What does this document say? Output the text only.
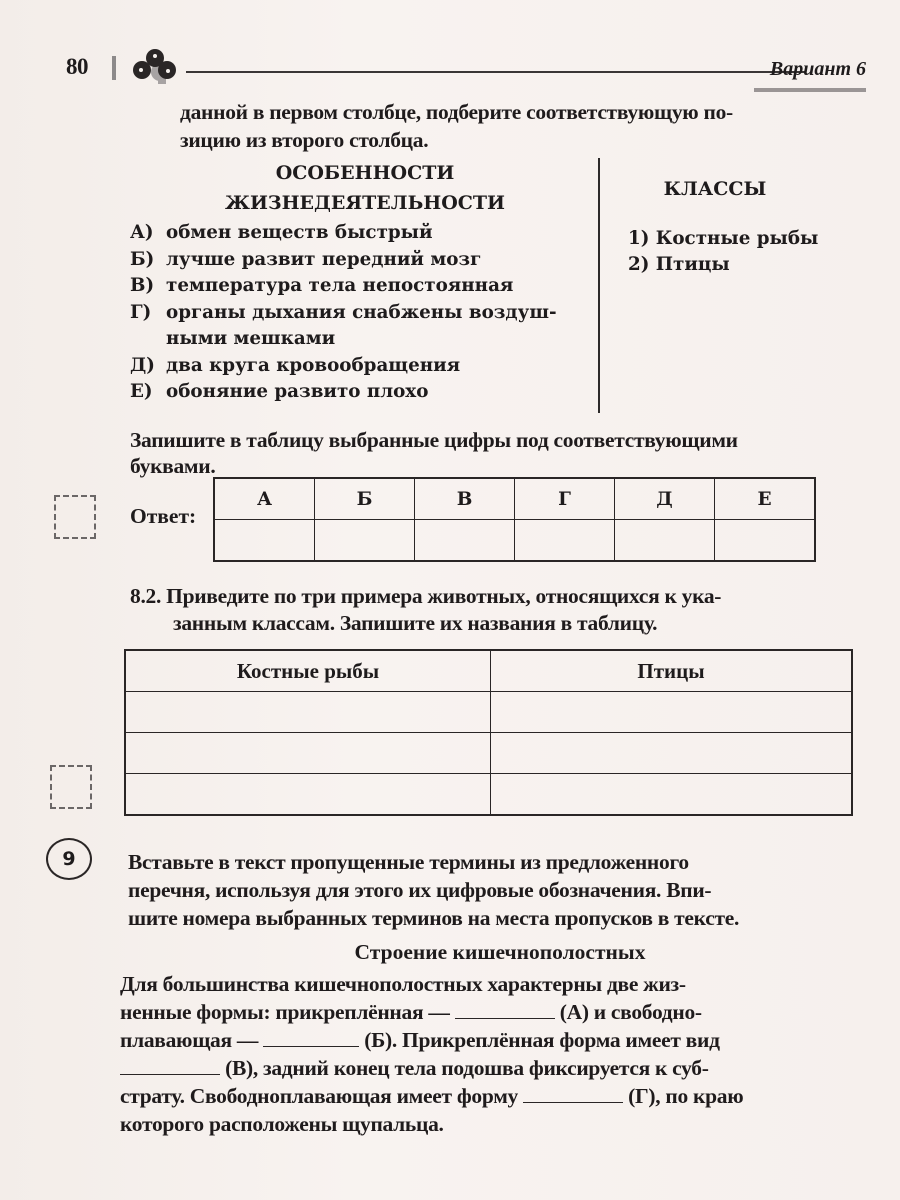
80	Вариант 6
данной в первом столбце, подберите соответствующую по-
зицию из второго столбца.
ОСОБЕННОСТИ
ЖИЗНЕДЕЯТЕЛЬНОСТИ
КЛАССЫ
А) обмен веществ быстрый
Б) лучше развит передний мозг
В) температура тела непостоянная
Г) органы дыхания снабжены воздуш-ными мешками
Д) два круга кровообращения
Е) обоняние развито плохо
1) Костные рыбы
2) Птицы
Запишите в таблицу выбранные цифры под соответствующими
буквами.
Ответ:
А	Б	В	Г	Д	Е

8.2. Приведите по три примера животных, относящихся к ука-
занным классам. Запишите их названия в таблицу.
Костные рыбы	Птицы

9	Вставьте в текст пропущенные термины из предложенного
перечня, используя для этого их цифровые обозначения. Впи-
шите номера выбранных терминов на места пропусков в тексте.
Строение кишечнополостных
Для большинства кишечнополостных характерны две жиз-
ненные формы: прикреплённая —	(А) и свободно-
плавающая —	(Б). Прикреплённая форма имеет вид
(В), задний конец тела подошва фиксируется к суб-
страту. Свободноплавающая имеет форму	(Г), по краю
которого расположены щупальца.
